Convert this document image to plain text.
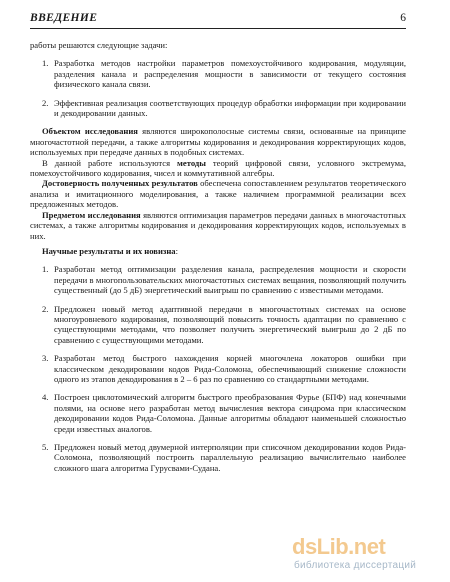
ВВЕДЕНИЕ	6

работы решаются следующие задачи:

1. Разработка методов настройки параметров помехоустойчивого кодирования, модуляции, разделения канала и распределения мощности в зависимости от текущего состояния физического канала связи.
2. Эффективная реализация соответствующих процедур обработки информации при кодировании и декодировании данных.

Объектом исследования являются широкополосные системы связи, основанные на принципе многочастотной передачи, а также алгоритмы кодирования и декодирования корректирующих кодов, используемых при передаче данных в подобных системах.

В данной работе используются методы теорий цифровой связи, условного экстремума, помехоустойчивого кодирования, чисел и коммутативной алгебры.

Достоверность полученных результатов обеспечена сопоставлением результатов теоретического анализа и имитационного моделирования, а также наличием программной реализации всех предложенных методов.

Предметом исследования являются оптимизация параметров передачи данных в многочастотных системах, а также алгоритмы кодирования и декодирования корректирующих кодов, используемых в них.

Научные результаты и их новизна:

1. Разработан метод оптимизации разделения канала, распределения мощности и скорости передачи в многопользовательских многочастотных системах вещания, позволяющий получить существенный (до 5 дБ) энергетический выигрыш по сравнению с известными методами.
2. Предложен новый метод адаптивной передачи в многочастотных системах на основе многоуровневого кодирования, позволяющий повысить точность адаптации по сравнению с существующими методами, что позволяет получить энергетический выигрыш до 2 дБ по сравнению с существующими методами.
3. Разработан метод быстрого нахождения корней многочлена локаторов ошибки при классическом декодировании кодов Рида-Соломона, обеспечивающий снижение сложности одного из этапов декодирования в 2 – 6 раз по сравнению со стандартными методами.
4. Построен циклотомический алгоритм быстрого преобразования Фурье (БПФ) над конечными полями, на основе него разработан метод вычисления вектора синдрома при классическом декодировании кодов Рида-Соломона. Данные алгоритмы обладают наименьшей сложностью среди известных аналогов.
5. Предложен новый метод двумерной интерполяции при списочном декодировании кодов Рида-Соломона, позволяющий построить параллельную реализацию вычислительно наиболее сложного шага алгоритма Гурусвами-Судана.
dsLib.net
библиотека диссертаций
